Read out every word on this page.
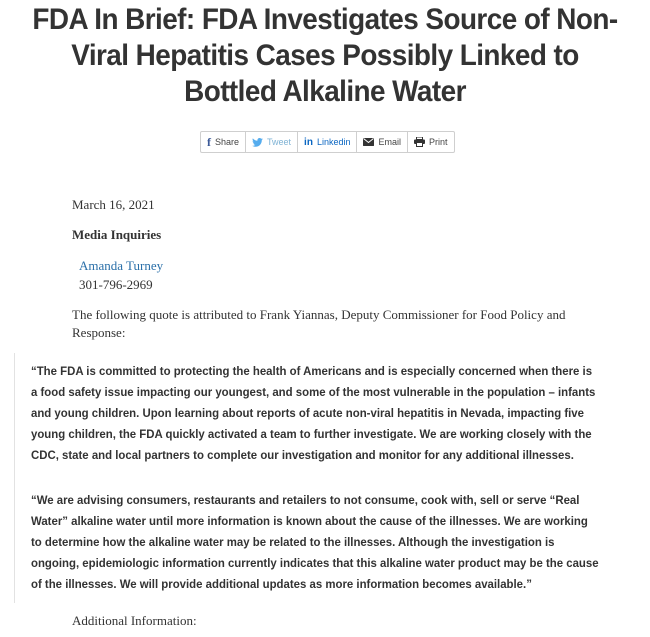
FDA In Brief: FDA Investigates Source of Non-Viral Hepatitis Cases Possibly Linked to Bottled Alkaline Water
f Share	Tweet in Linkedin	Email	Print
March 16, 2021
Media Inquiries
Amanda Turney
301-796-2969
The following quote is attributed to Frank Yiannas, Deputy Commissioner for Food Policy and Response:

“The FDA is committed to protecting the health of Americans and is especially concerned when there is a food safety issue impacting our youngest, and some of the most vulnerable in the population – infants and young children. Upon learning about reports of acute non-viral hepatitis in Nevada, impacting five young children, the FDA quickly activated a team to further investigate. We are working closely with the CDC, state and local partners to complete our investigation and monitor for any additional illnesses.

“We are advising consumers, restaurants and retailers to not consume, cook with, sell or serve “Real Water” alkaline water until more information is known about the cause of the illnesses. We are working to determine how the alkaline water may be related to the illnesses. Although the investigation is ongoing, epidemiologic information currently indicates that this alkaline water product may be the cause of the illnesses. We will provide additional updates as more information becomes available.”

Additional Information:
